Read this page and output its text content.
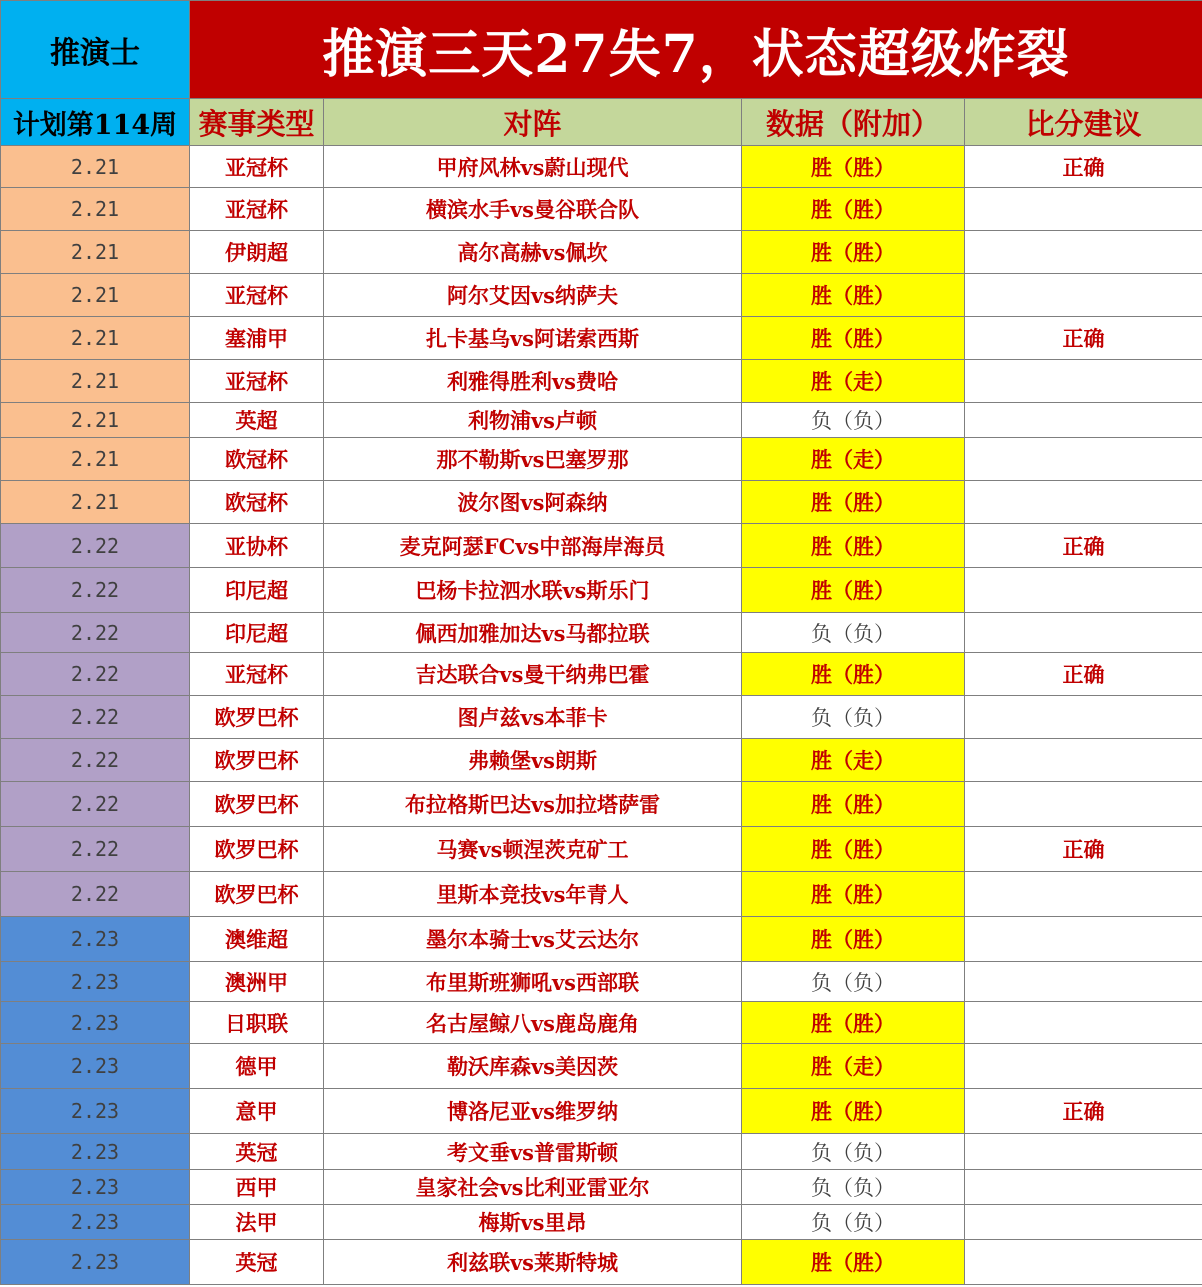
推演士	推演三天27失7，状态超级炸裂			
计划第114周	赛事类型	对阵	数据（附加）	比分建议
2.21	亚冠杯	甲府风林vs蔚山现代	胜（胜）	正确
2.21	亚冠杯	横滨水手vs曼谷联合队	胜（胜）	
2.21	伊朗超	高尔高赫vs佩坎	胜（胜）	
2.21	亚冠杯	阿尔艾因vs纳萨夫	胜（胜）	
2.21	塞浦甲	扎卡基乌vs阿诺索西斯	胜（胜）	正确
2.21	亚冠杯	利雅得胜利vs费哈	胜（走）	
2.21	英超	利物浦vs卢顿	负（负）	
2.21	欧冠杯	那不勒斯vs巴塞罗那	胜（走）	
2.21	欧冠杯	波尔图vs阿森纳	胜（胜）	
2.22	亚协杯	麦克阿瑟FCvs中部海岸海员	胜（胜）	正确
2.22	印尼超	巴杨卡拉泗水联vs斯乐门	胜（胜）	
2.22	印尼超	佩西加雅加达vs马都拉联	负（负）	
2.22	亚冠杯	吉达联合vs曼干纳弗巴霍	胜（胜）	正确
2.22	欧罗巴杯	图卢兹vs本菲卡	负（负）	
2.22	欧罗巴杯	弗赖堡vs朗斯	胜（走）	
2.22	欧罗巴杯	布拉格斯巴达vs加拉塔萨雷	胜（胜）	
2.22	欧罗巴杯	马赛vs顿涅茨克矿工	胜（胜）	正确
2.22	欧罗巴杯	里斯本竞技vs年青人	胜（胜）	
2.23	澳维超	墨尔本骑士vs艾云达尔	胜（胜）	
2.23	澳洲甲	布里斯班狮吼vs西部联	负（负）	
2.23	日职联	名古屋鲸八vs鹿岛鹿角	胜（胜）	
2.23	德甲	勒沃库森vs美因茨	胜（走）	
2.23	意甲	博洛尼亚vs维罗纳	胜（胜）	正确
2.23	英冠	考文垂vs普雷斯顿	负（负）	
2.23	西甲	皇家社会vs比利亚雷亚尔	负（负）	
2.23	法甲	梅斯vs里昂	负（负）	
2.23	英冠	利兹联vs莱斯特城	胜（胜）	
